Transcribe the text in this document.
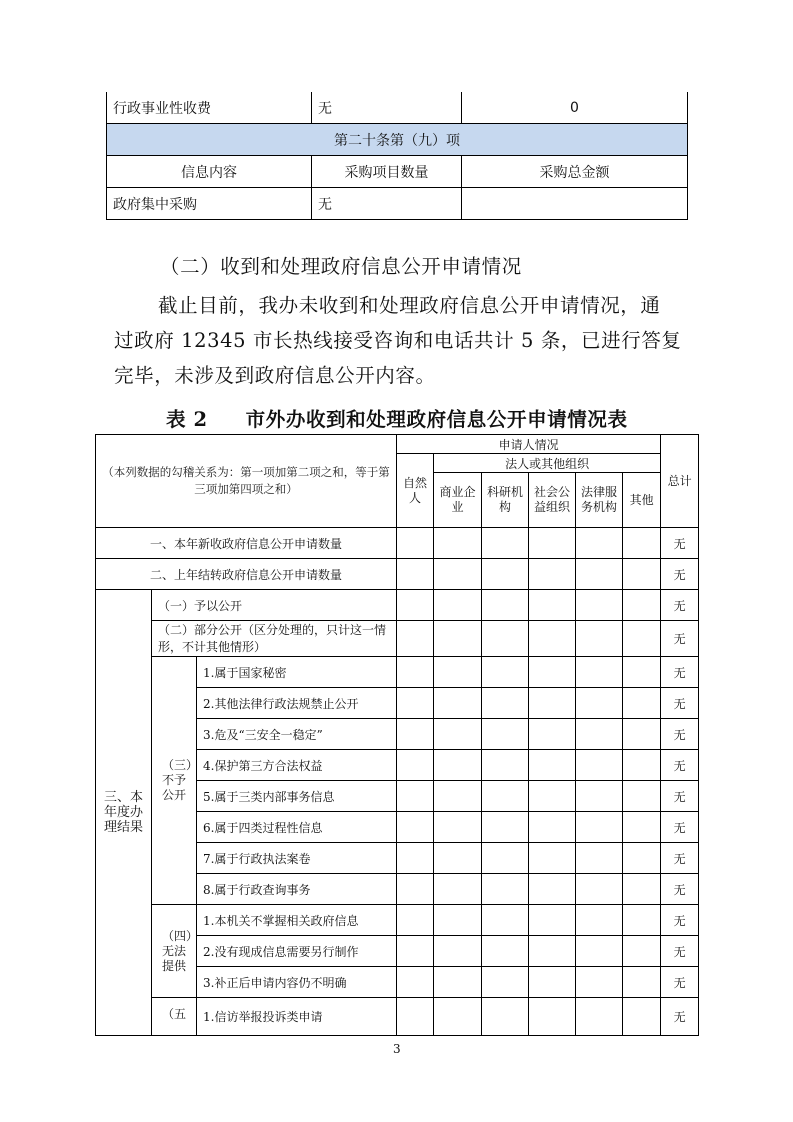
行政事业性收费	无	0
第二十条第（九）项		
信息内容	采购项目数量	采购总金额
政府集中采购	无	
（二）收到和处理政府信息公开申请情况
截止目前，我办未收到和处理政府信息公开申请情况，通
过政府 12345 市长热线接受咨询和电话共计 5 条，已进行答复
完毕，未涉及到政府信息公开内容。
表 2 市外办收到和处理政府信息公开申请情况表
（本列数据的勾稽关系为：第一项加第二项之和，等于第三项加第四项之和）			申请人情况						总计
			自然人	法人或其他组织					
				商业企业	科研机构	社会公益组织	法律服务机构	其他	
一、本年新收政府信息公开申请数量									无
二、上年结转政府信息公开申请数量									无
三、本年度办理结果	（一）予以公开								无
	（二）部分公开（区分处理的，只计这一情形，不计其他情形）								无
	（三）不予公开	1.属于国家秘密							无
		2.其他法律行政法规禁止公开							无
		3.危及“三安全一稳定”							无
		4.保护第三方合法权益							无
		5.属于三类内部事务信息							无
		6.属于四类过程性信息							无
		7.属于行政执法案卷							无
		8.属于行政查询事务							无
	（四）无法提供	1.本机关不掌握相关政府信息							无
		2.没有现成信息需要另行制作							无
		3.补正后申请内容仍不明确							无
	（五	1.信访举报投诉类申请							无
3
